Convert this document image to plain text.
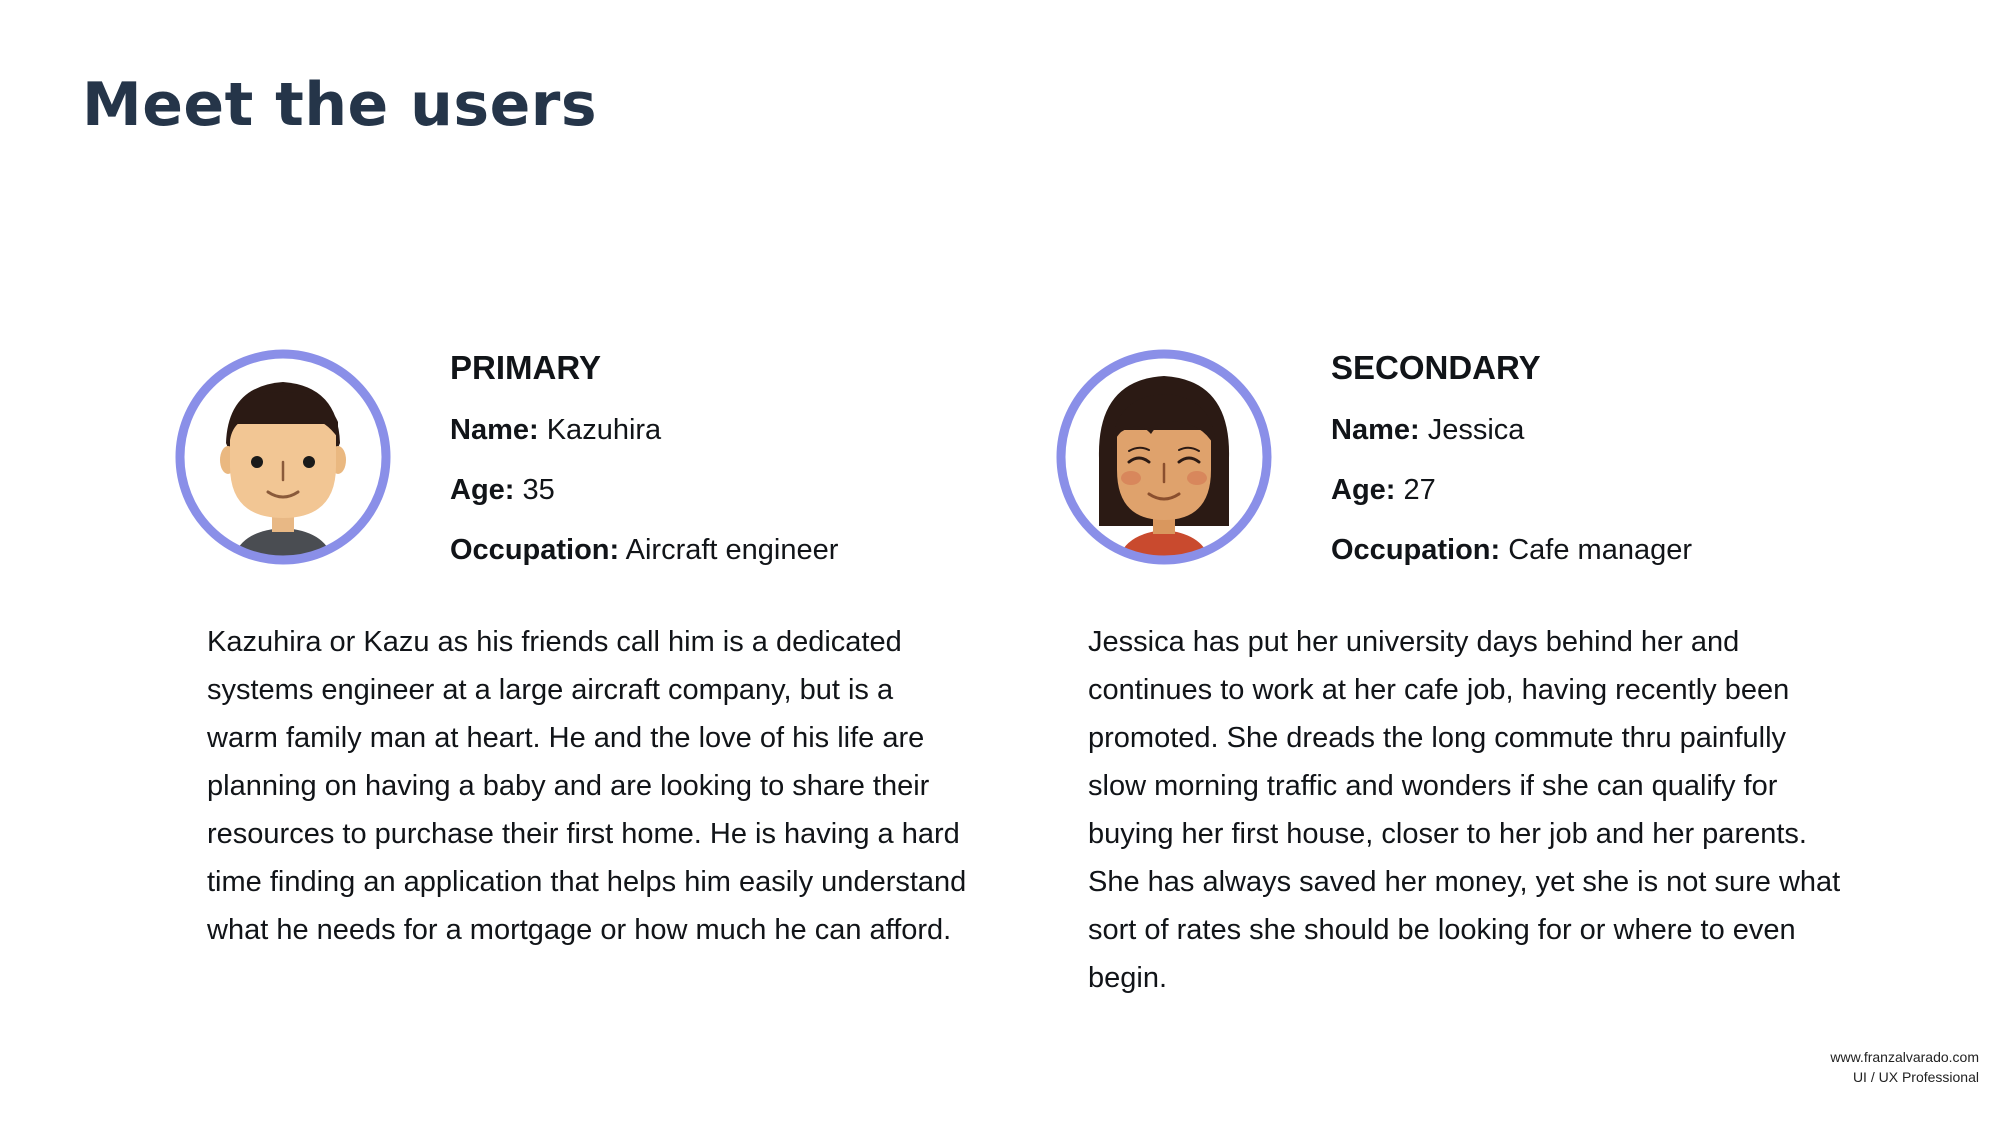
Meet the users
PRIMARY
Name: Kazuhira
Age: 35
Occupation: Aircraft engineer

Kazuhira or Kazu as his friends call him is a dedicated systems engineer at a large aircraft company, but is a warm family man at heart. He and the love of his life are planning on having a baby and are looking to share their resources to purchase their first home. He is having a hard time finding an application that helps him easily understand what he needs for a mortgage or how much he can afford.

SECONDARY
Name: Jessica
Age: 27
Occupation: Cafe manager

Jessica has put her university days behind her and continues to work at her cafe job, having recently been promoted. She dreads the long commute thru painfully slow morning traffic and wonders if she can qualify for buying her first house, closer to her job and her parents. She has always saved her money, yet she is not sure what sort of rates she should be looking for or where to even begin.

www.franzalvarado.com
UI / UX Professional
